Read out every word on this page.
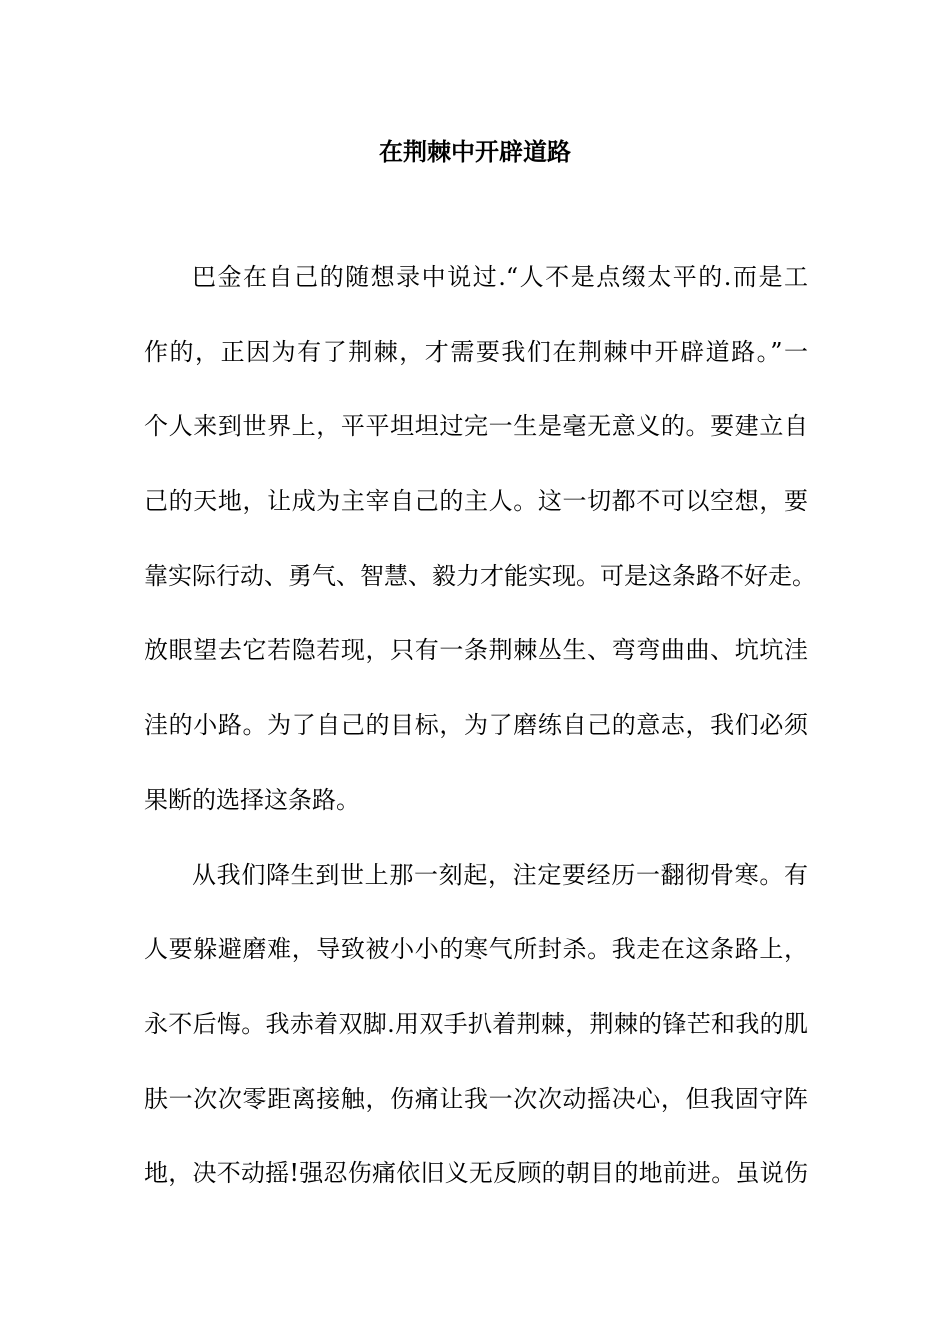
在荆棘中开辟道路
巴金在自己的随想录中说过.“人不是点缀太平的.而是工
作的，正因为有了荆棘，才需要我们在荆棘中开辟道路。”一
个人来到世界上，平平坦坦过完一生是毫无意义的。要建立自
己的天地，让成为主宰自己的主人。这一切都不可以空想，要
靠实际行动、勇气、智慧、毅力才能实现。可是这条路不好走。
放眼望去它若隐若现，只有一条荆棘丛生、弯弯曲曲、坑坑洼
洼的小路。为了自己的目标，为了磨练自己的意志，我们必须
果断的选择这条路。
从我们降生到世上那一刻起，注定要经历一翻彻骨寒。有
人要躲避磨难，导致被小小的寒气所封杀。我走在这条路上，
永不后悔。我赤着双脚.用双手扒着荆棘，荆棘的锋芒和我的肌
肤一次次零距离接触，伤痛让我一次次动摇决心，但我固守阵
地，决不动摇!强忍伤痛依旧义无反顾的朝目的地前进。虽说伤
